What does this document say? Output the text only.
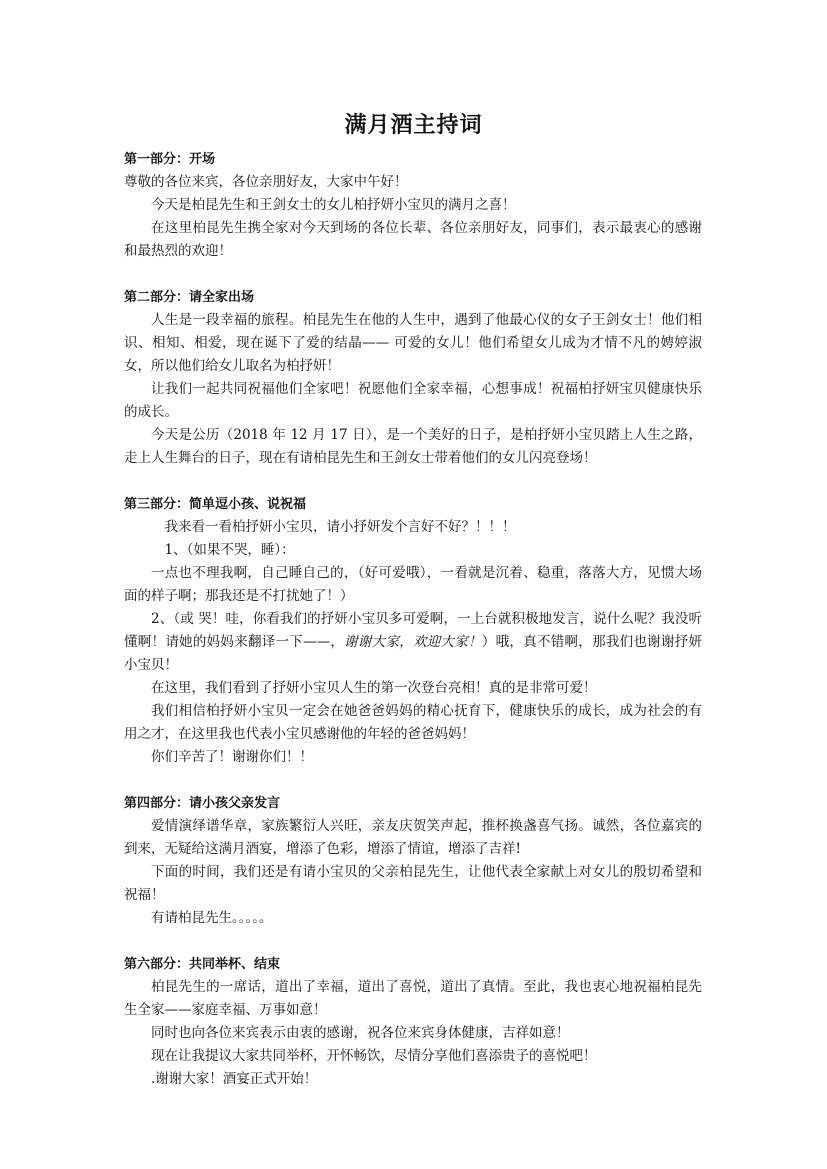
满月酒主持词

第一部分：开场

尊敬的各位来宾，各位亲朋好友，大家中午好！

今天是柏昆先生和王剑女士的女儿柏抒妍小宝贝的满月之喜！

在这里柏昆先生携全家对今天到场的各位长辈、各位亲朋好友，同事们，表示最衷心的感谢和最热烈的欢迎！

第二部分：请全家出场

人生是一段幸福的旅程。柏昆先生在他的人生中，遇到了他最心仪的女子王剑女士！他们相识、相知、相爱，现在诞下了爱的结晶—— 可爱的女儿！他们希望女儿成为才情不凡的娉婷淑女，所以他们给女儿取名为柏抒妍！

让我们一起共同祝福他们全家吧！祝愿他们全家幸福，心想事成！祝福柏抒妍宝贝健康快乐的成长。

今天是公历（2018 年 12 月 17 日），是一个美好的日子，是柏抒妍小宝贝踏上人生之路，走上人生舞台的日子，现在有请柏昆先生和王剑女士带着他们的女儿闪亮登场！

第三部分：简单逗小孩、说祝福

我来看一看柏抒妍小宝贝，请小抒妍发个言好不好？！！！

1、（如果不哭，睡）：

一点也不理我啊，自己睡自己的，（好可爱哦），一看就是沉着、稳重，落落大方，见惯大场面的样子啊；那我还是不打扰她了！）

2、（或 哭！哇，你看我们的抒妍小宝贝多可爱啊，一上台就积极地发言，说什么呢？我没听懂啊！请她的妈妈来翻译一下——，谢谢大家，欢迎大家！）哦，真不错啊，那我们也谢谢抒妍小宝贝！

在这里，我们看到了抒妍小宝贝人生的第一次登台亮相！真的是非常可爱！

我们相信柏抒妍小宝贝一定会在她爸爸妈妈的精心抚育下，健康快乐的成长，成为社会的有用之才，在这里我也代表小宝贝感谢他的年轻的爸爸妈妈！

你们辛苦了！谢谢你们！！

第四部分：请小孩父亲发言

爱情演绎谱华章，家族繁衍人兴旺，亲友庆贺笑声起，推杯换盏喜气扬。诚然，各位嘉宾的到来，无疑给这满月酒宴，增添了色彩，增添了情谊，增添了吉祥!

下面的时间，我们还是有请小宝贝的父亲柏昆先生，让他代表全家献上对女儿的殷切希望和祝福！

有请柏昆先生。。。。。

第六部分：共同举杯、结束

柏昆先生的一席话，道出了幸福，道出了喜悦，道出了真情。至此，我也衷心地祝福柏昆先生全家——家庭幸福、万事如意！

同时也向各位来宾表示由衷的感谢，祝各位来宾身体健康，吉祥如意！

现在让我提议大家共同举杯，开怀畅饮，尽情分享他们喜添贵子的喜悦吧！

.谢谢大家！酒宴正式开始！
